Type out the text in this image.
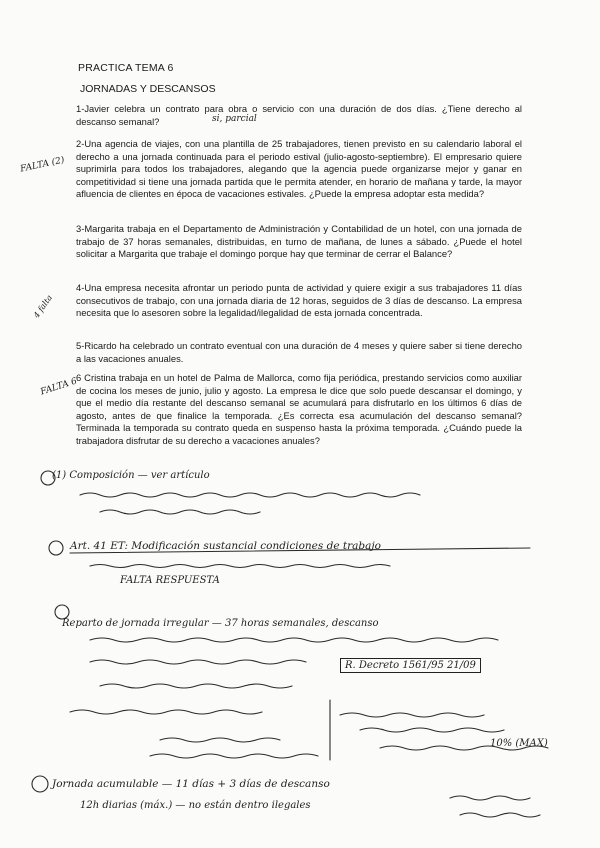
PRACTICA TEMA 6
JORNADAS Y DESCANSOS
1-Javier celebra un contrato para obra o servicio con una duración de dos días. ¿Tiene derecho al descanso semanal?
2-Una agencia de viajes, con una plantilla de 25 trabajadores, tienen previsto en su calendario laboral el derecho a una jornada continuada para el periodo estival (julio-agosto-septiembre). El empresario quiere suprimirla para todos los trabajadores, alegando que la agencia puede organizarse mejor y ganar en competitividad si tiene una jornada partida que le permita atender, en horario de mañana y tarde, la mayor afluencia de clientes en época de vacaciones estivales. ¿Puede la empresa adoptar esta medida?
3-Margarita trabaja en el Departamento de Administración y Contabilidad de un hotel, con una jornada de trabajo de 37 horas semanales, distribuidas, en turno de mañana, de lunes a sábado. ¿Puede el hotel solicitar a Margarita que trabaje el domingo porque hay que terminar de cerrar el Balance?
4-Una empresa necesita afrontar un periodo punta de actividad y quiere exigir a sus trabajadores 11 días consecutivos de trabajo, con una jornada diaria de 12 horas, seguidos de 3 días de descanso. La empresa necesita que lo asesoren sobre la legalidad/ilegalidad de esta jornada concentrada.
5-Ricardo ha celebrado un contrato eventual con una duración de 4 meses y quiere saber si tiene derecho a las vacaciones anuales.
6 Cristina trabaja en un hotel de Palma de Mallorca, como fija periódica, prestando servicios como auxiliar de cocina los meses de junio, julio y agosto. La empresa le dice que solo puede descansar el domingo, y que el medio día restante del descanso semanal se acumulará para disfrutarlo en los últimos 6 días de agosto, antes de que finalice la temporada. ¿Es correcta esa acumulación del descanso semanal? Terminada la temporada su contrato queda en suspenso hasta la próxima temporada. ¿Cuándo puede la trabajadora disfrutar de su derecho a vacaciones anuales?
si, parcial
FALTA (2)
4 falta
FALTA 6
(1) Composición — ver artículo
Art. 41 ET: Modificación sustancial condiciones de trabajo
FALTA RESPUESTA
Reparto de jornada irregular — 37 horas semanales, descanso
R. Decreto 1561/95 21/09
Jornada acumulable — 11 días + 3 días de descanso
12h diarias (máx.) — no están dentro ilegales
10% (MAX)
